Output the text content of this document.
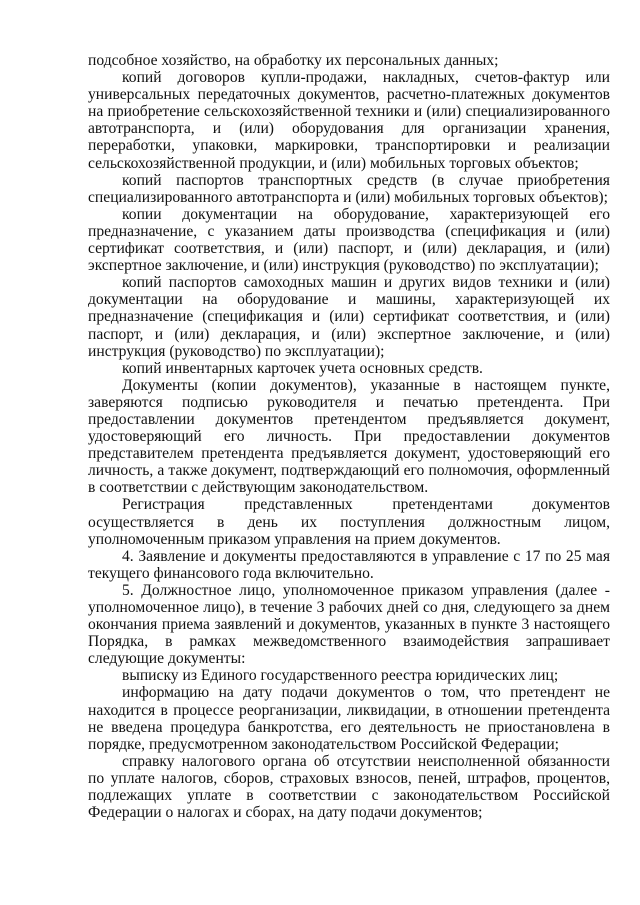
подсобное хозяйство, на обработку их персональных данных;

копий договоров купли-продажи, накладных, счетов-фактур или универсальных передаточных документов, расчетно-платежных документов на приобретение сельскохозяйственной техники и (или) специализированного автотранспорта, и (или) оборудования для организации хранения, переработки, упаковки, маркировки, транспортировки и реализации сельскохозяйственной продукции, и (или) мобильных торговых объектов;

копий паспортов транспортных средств (в случае приобретения специализированного автотранспорта и (или) мобильных торговых объектов);

копии документации на оборудование, характеризующей его предназначение, с указанием даты производства (спецификация и (или) сертификат соответствия, и (или) паспорт, и (или) декларация, и (или) экспертное заключение, и (или) инструкция (руководство) по эксплуатации);

копий паспортов самоходных машин и других видов техники и (или) документации на оборудование и машины, характеризующей их предназначение (спецификация и (или) сертификат соответствия, и (или) паспорт, и (или) декларация, и (или) экспертное заключение, и (или) инструкция (руководство) по эксплуатации);

копий инвентарных карточек учета основных средств.

Документы (копии документов), указанные в настоящем пункте, заверяются подписью руководителя и печатью претендента. При предоставлении документов претендентом предъявляется документ, удостоверяющий его личность. При предоставлении документов представителем претендента предъявляется документ, удостоверяющий его личность, а также документ, подтверждающий его полномочия, оформленный в соответствии с действующим законодательством.

Регистрация представленных претендентами документов осуществляется в день их поступления должностным лицом, уполномоченным приказом управления на прием документов.

4. Заявление и документы предоставляются в управление с 17 по 25 мая текущего финансового года включительно.

5. Должностное лицо, уполномоченное приказом управления (далее - уполномоченное лицо), в течение 3 рабочих дней со дня, следующего за днем окончания приема заявлений и документов, указанных в пункте 3 настоящего Порядка, в рамках межведомственного взаимодействия запрашивает следующие документы:

выписку из Единого государственного реестра юридических лиц;

информацию на дату подачи документов о том, что претендент не находится в процессе реорганизации, ликвидации, в отношении претендента не введена процедура банкротства, его деятельность не приостановлена в порядке, предусмотренном законодательством Российской Федерации;

справку налогового органа об отсутствии неисполненной обязанности по уплате налогов, сборов, страховых взносов, пеней, штрафов, процентов, подлежащих уплате в соответствии с законодательством Российской Федерации о налогах и сборах, на дату подачи документов;
